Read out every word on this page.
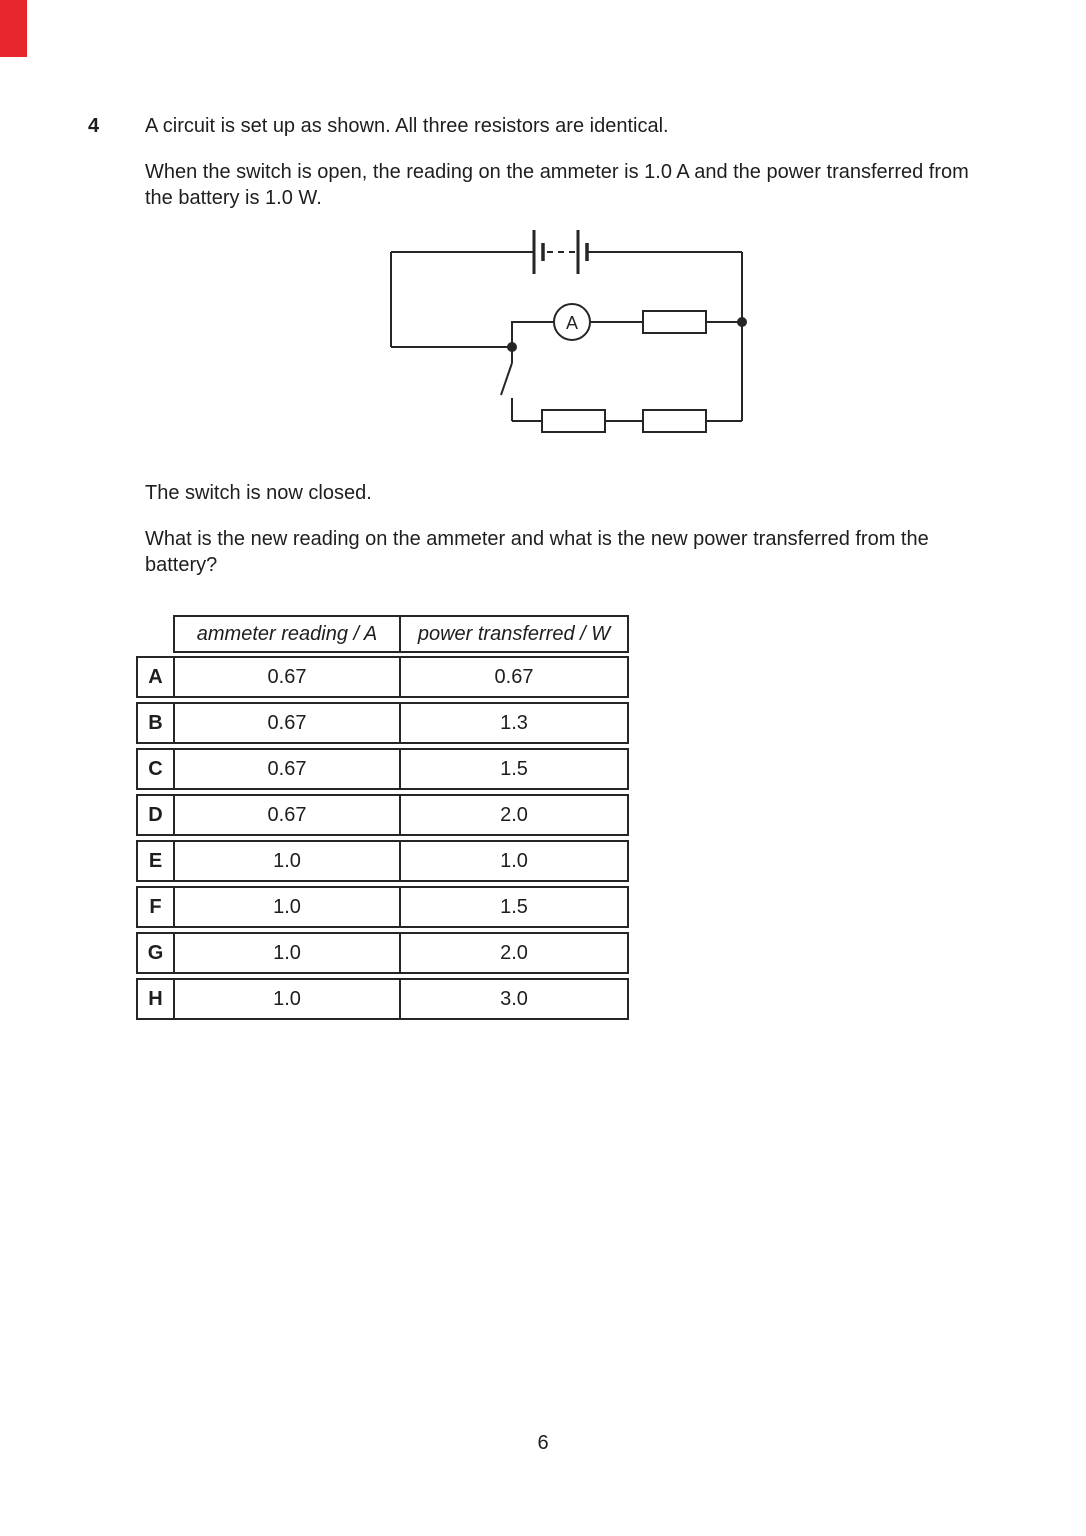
4 A circuit is set up as shown. All three resistors are identical.
When the switch is open, the reading on the ammeter is 1.0 A and the power transferred from
the battery is 1.0 W.
A
The switch is now closed.
What is the new reading on the ammeter and what is the new power transferred from the
battery?
ammeter reading / A	power transferred / W
A	0.67	0.67
B	0.67	1.3
C	0.67	1.5
D	0.67	2.0
E	1.0	1.0
F	1.0	1.5
G	1.0	2.0
H	1.0	3.0
6
